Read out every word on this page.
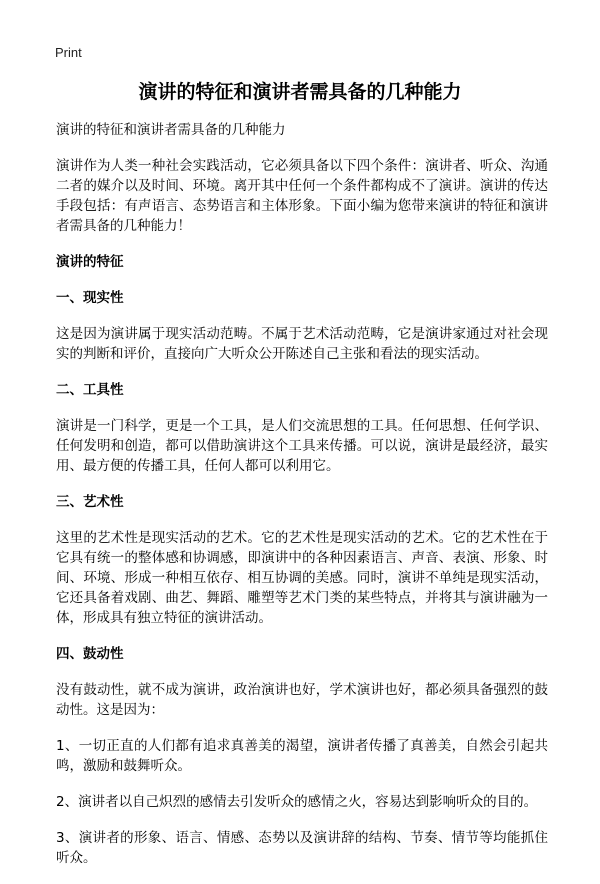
Print
演讲的特征和演讲者需具备的几种能力

演讲的特征和演讲者需具备的几种能力

演讲作为人类一种社会实践活动，它必须具备以下四个条件：演讲者、听众、沟通二者的媒介以及时间、环境。离开其中任何一个条件都构成不了演讲。演讲的传达手段包括：有声语言、态势语言和主体形象。下面小编为您带来演讲的特征和演讲者需具备的几种能力！

演讲的特征

一、现实性

这是因为演讲属于现实活动范畴。不属于艺术活动范畴，它是演讲家通过对社会现实的判断和评价，直接向广大听众公开陈述自己主张和看法的现实活动。

二、工具性

演讲是一门科学，更是一个工具，是人们交流思想的工具。任何思想、任何学识、任何发明和创造，都可以借助演讲这个工具来传播。可以说，演讲是最经济，最实用、最方便的传播工具，任何人都可以利用它。

三、艺术性

这里的艺术性是现实活动的艺术。它的艺术性是现实活动的艺术。它的艺术性在于它具有统一的整体感和协调感，即演讲中的各种因素语言、声音、表演、形象、时间、环境、形成一种相互依存、相互协调的美感。同时，演讲不单纯是现实活动，它还具备着戏剧、曲艺、舞蹈、雕塑等艺术门类的某些特点，并将其与演讲融为一体，形成具有独立特征的演讲活动。

四、鼓动性

没有鼓动性，就不成为演讲，政治演讲也好，学术演讲也好，都必须具备强烈的鼓动性。这是因为：

1、一切正直的人们都有追求真善美的渴望，演讲者传播了真善美，自然会引起共鸣，激励和鼓舞听众。

2、演讲者以自己炽烈的感情去引发听众的感情之火，容易达到影响听众的目的。

3、演讲者的形象、语言、情感、态势以及演讲辞的结构、节奏、情节等均能抓住听众。
